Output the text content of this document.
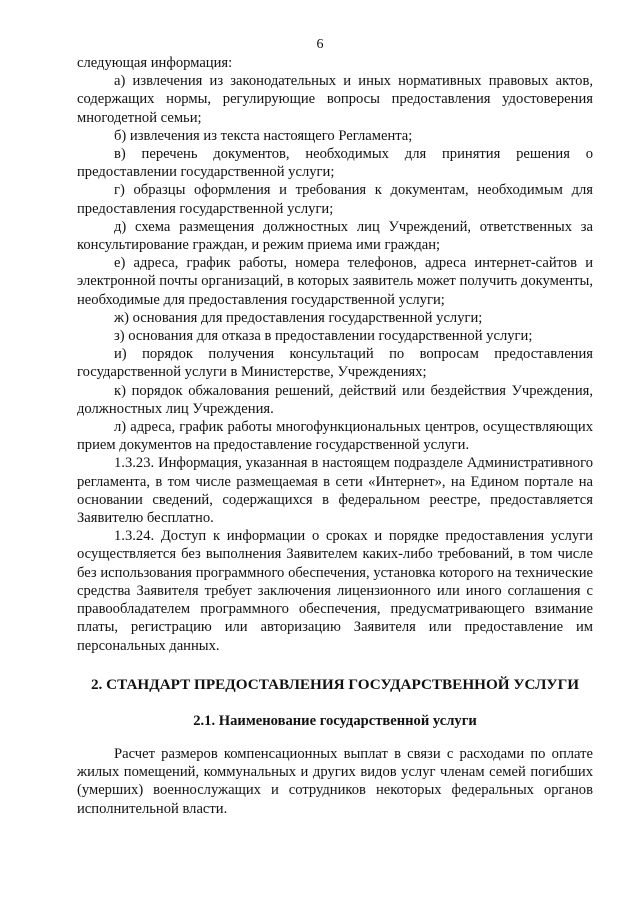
6

следующая информация:

а) извлечения из законодательных и иных нормативных правовых актов, содержащих нормы, регулирующие вопросы предоставления удостоверения многодетной семьи;

б) извлечения из текста настоящего Регламента;

в) перечень документов, необходимых для принятия решения о предоставлении государственной услуги;

г) образцы оформления и требования к документам, необходимым для предоставления государственной услуги;

д) схема размещения должностных лиц Учреждений, ответственных за консультирование граждан, и режим приема ими граждан;

е) адреса, график работы, номера телефонов, адреса интернет-сайтов и электронной почты организаций, в которых заявитель может получить документы, необходимые для предоставления государственной услуги;

ж) основания для предоставления государственной услуги;

з) основания для отказа в предоставлении государственной услуги;

и) порядок получения консультаций по вопросам предоставления государственной услуги в Министерстве, Учреждениях;

к) порядок обжалования решений, действий или бездействия Учреждения, должностных лиц Учреждения.

л) адреса, график работы многофункциональных центров, осуществляющих прием документов на предоставление государственной услуги.

1.3.23. Информация, указанная в настоящем подразделе Административного регламента, в том числе размещаемая в сети «Интернет», на Едином портале на основании сведений, содержащихся в федеральном реестре, предоставляется Заявителю бесплатно.

1.3.24. Доступ к информации о сроках и порядке предоставления услуги осуществляется без выполнения Заявителем каких-либо требований, в том числе без использования программного обеспечения, установка которого на технические средства Заявителя требует заключения лицензионного или иного соглашения с правообладателем программного обеспечения, предусматривающего взимание платы, регистрацию или авторизацию Заявителя или предоставление им персональных данных.

2. СТАНДАРТ ПРЕДОСТАВЛЕНИЯ ГОСУДАРСТВЕННОЙ УСЛУГИ
2.1. Наименование государственной услуги

Расчет размеров компенсационных выплат в связи с расходами по оплате жилых помещений, коммунальных и других видов услуг членам семей погибших (умерших) военнослужащих и сотрудников некоторых федеральных органов исполнительной власти.
